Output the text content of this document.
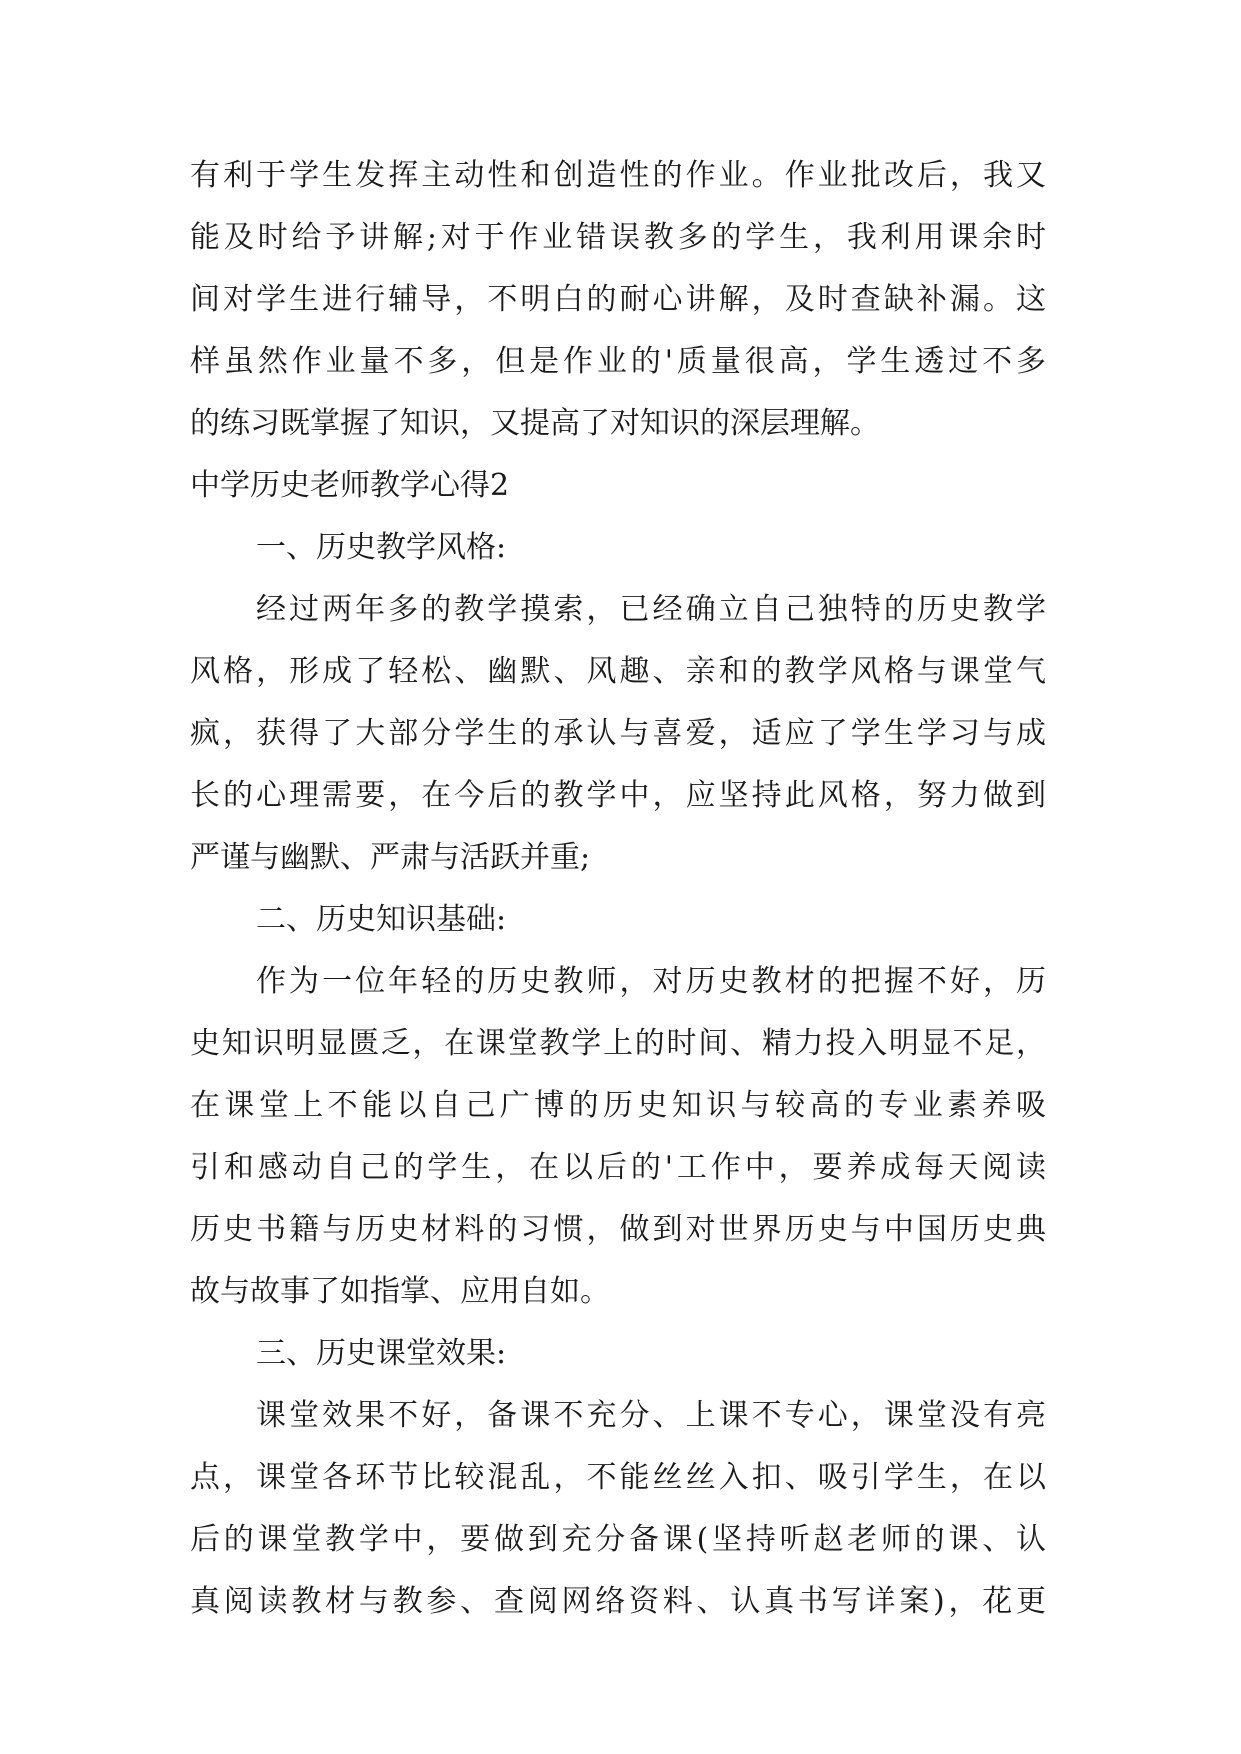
有利于学生发挥主动性和创造性的作业。作业批改后，我又
能及时给予讲解;对于作业错误教多的学生，我利用课余时
间对学生进行辅导，不明白的耐心讲解，及时查缺补漏。这
样虽然作业量不多，但是作业的'质量很高，学生透过不多
的练习既掌握了知识，又提高了对知识的深层理解。
中学历史老师教学心得2
一、历史教学风格:
经过两年多的教学摸索，已经确立自己独特的历史教学
风格，形成了轻松、幽默、风趣、亲和的教学风格与课堂气
疯，获得了大部分学生的承认与喜爱，适应了学生学习与成
长的心理需要，在今后的教学中，应坚持此风格，努力做到
严谨与幽默、严肃与活跃并重;
二、历史知识基础:
作为一位年轻的历史教师，对历史教材的把握不好，历
史知识明显匮乏，在课堂教学上的时间、精力投入明显不足，
在课堂上不能以自己广博的历史知识与较高的专业素养吸
引和感动自己的学生，在以后的'工作中，要养成每天阅读
历史书籍与历史材料的习惯，做到对世界历史与中国历史典
故与故事了如指掌、应用自如。
三、历史课堂效果:
课堂效果不好，备课不充分、上课不专心，课堂没有亮
点，课堂各环节比较混乱，不能丝丝入扣、吸引学生，在以
后的课堂教学中，要做到充分备课(坚持听赵老师的课、认
真阅读教材与教参、查阅网络资料、认真书写详案)，花更
